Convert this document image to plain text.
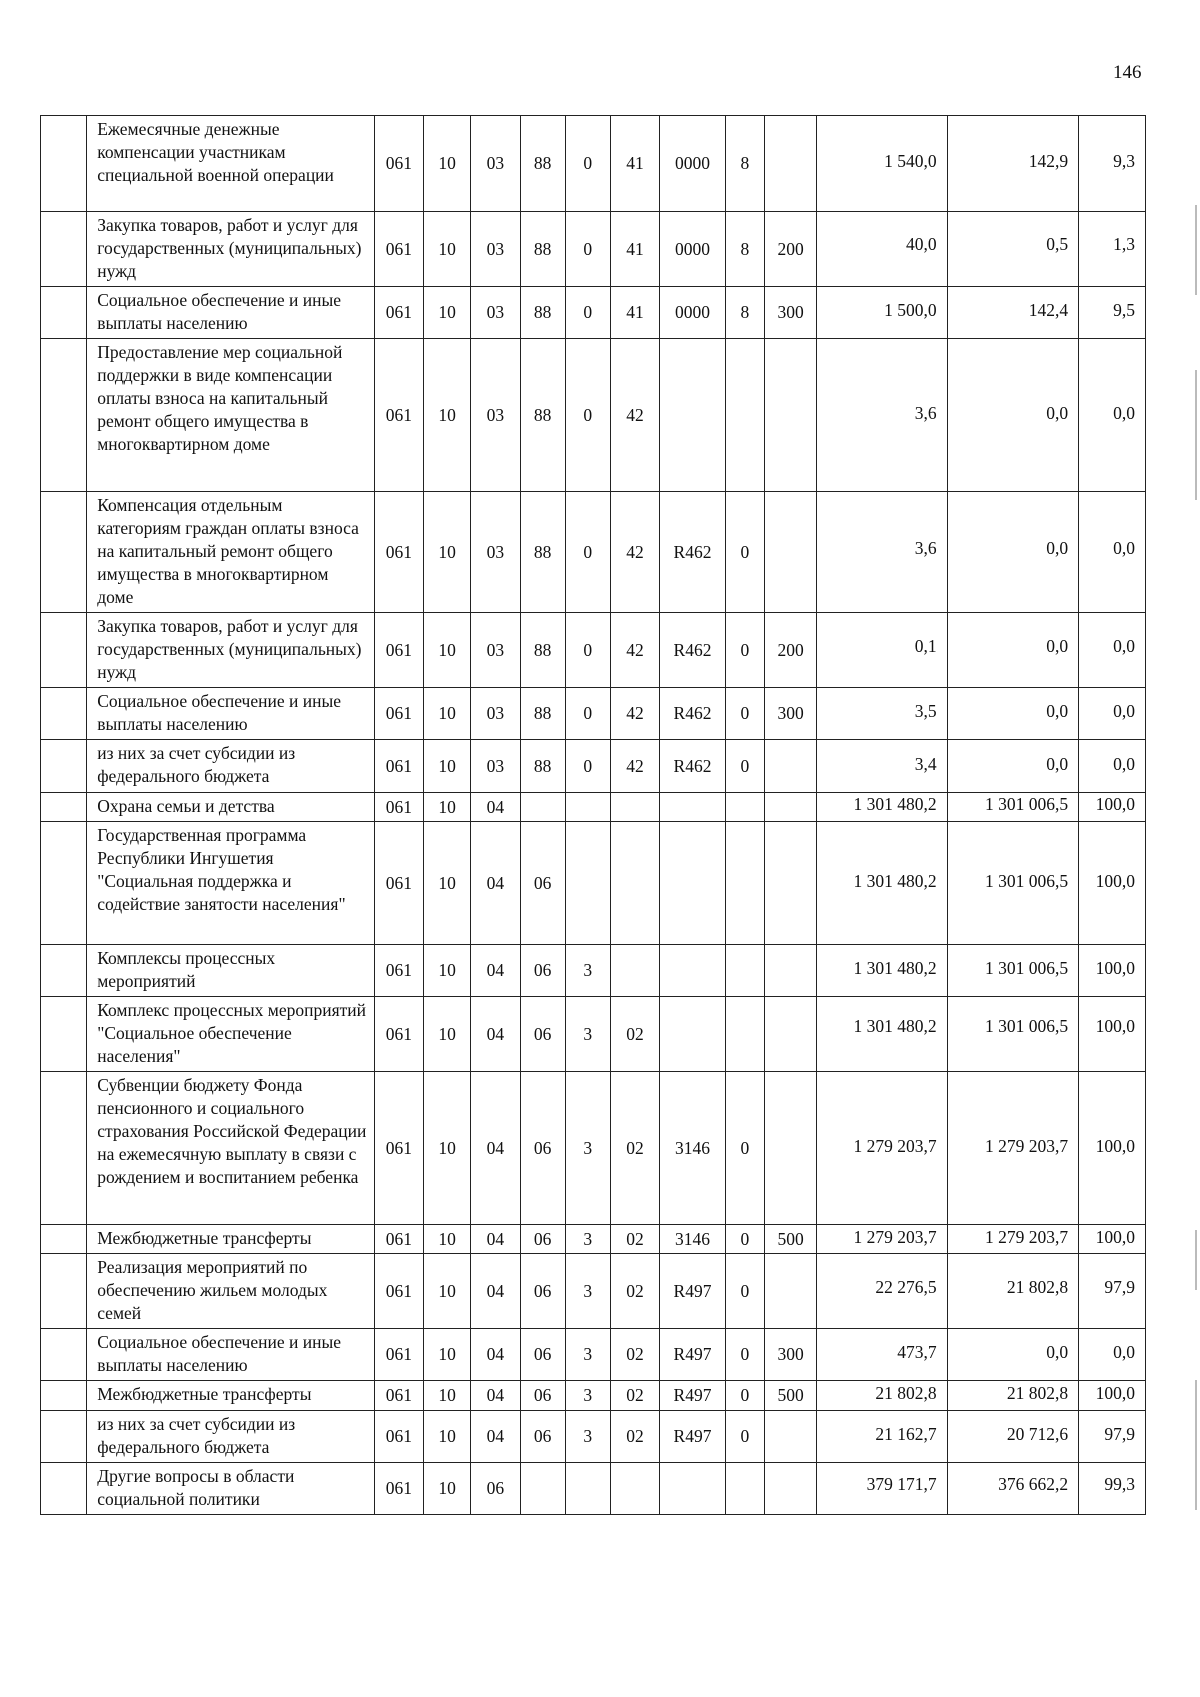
146
	Ежемесячные денежные компенсации участникам специальной военной операции	061	10	03	88	0	41	0000	8		1 540,0	142,9	9,3
	Закупка товаров, работ и услуг для государственных (муниципальных) нужд	061	10	03	88	0	41	0000	8	200	40,0	0,5	1,3
	Социальное обеспечение и иные выплаты населению	061	10	03	88	0	41	0000	8	300	1 500,0	142,4	9,5
	Предоставление мер социальной поддержки в виде компенсации оплаты взноса на капитальный ремонт общего имущества в многоквартирном доме	061	10	03	88	0	42				3,6	0,0	0,0
	Компенсация отдельным категориям граждан оплаты взноса на капитальный ремонт общего имущества в многоквартирном доме	061	10	03	88	0	42	R462	0		3,6	0,0	0,0
	Закупка товаров, работ и услуг для государственных (муниципальных) нужд	061	10	03	88	0	42	R462	0	200	0,1	0,0	0,0
	Социальное обеспечение и иные выплаты населению	061	10	03	88	0	42	R462	0	300	3,5	0,0	0,0
	из них за счет субсидии из федерального бюджета	061	10	03	88	0	42	R462	0		3,4	0,0	0,0
	Охрана семьи и детства	061	10	04							1 301 480,2	1 301 006,5	100,0
	Государственная программа Республики Ингушетия "Социальная поддержка и содействие занятости населения"	061	10	04	06						1 301 480,2	1 301 006,5	100,0
	Комплексы процессных мероприятий	061	10	04	06	3					1 301 480,2	1 301 006,5	100,0
	Комплекс процессных мероприятий "Социальное обеспечение населения"	061	10	04	06	3	02				1 301 480,2	1 301 006,5	100,0
	Субвенции бюджету Фонда пенсионного и социального страхования Российской Федерации на ежемесячную выплату в связи с рождением и воспитанием ребенка	061	10	04	06	3	02	3146	0		1 279 203,7	1 279 203,7	100,0
	Межбюджетные трансферты	061	10	04	06	3	02	3146	0	500	1 279 203,7	1 279 203,7	100,0
	Реализация мероприятий по обеспечению жильем молодых семей	061	10	04	06	3	02	R497	0		22 276,5	21 802,8	97,9
	Социальное обеспечение и иные выплаты населению	061	10	04	06	3	02	R497	0	300	473,7	0,0	0,0
	Межбюджетные трансферты	061	10	04	06	3	02	R497	0	500	21 802,8	21 802,8	100,0
	из них за счет субсидии из федерального бюджета	061	10	04	06	3	02	R497	0		21 162,7	20 712,6	97,9
	Другие вопросы в области социальной политики	061	10	06							379 171,7	376 662,2	99,3
